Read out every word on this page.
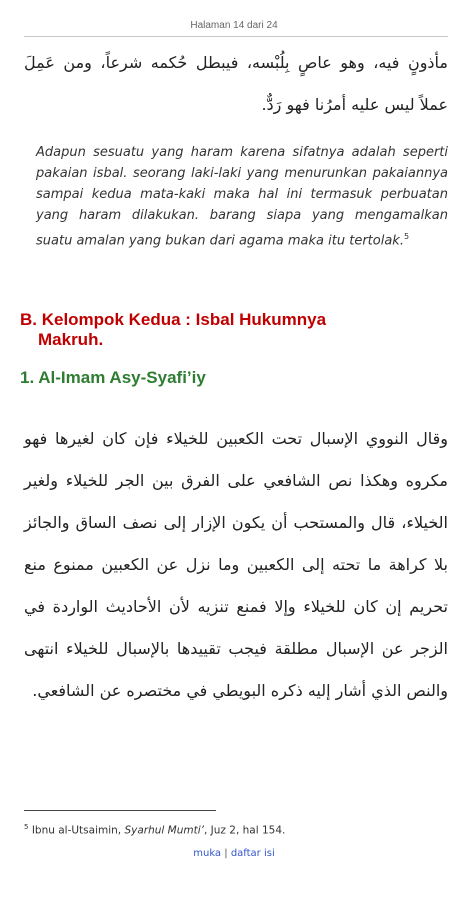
Halaman 14 dari 24
مأذونٍ فيه، وهو عاصٍ بِلُبْسه، فيبطل حُكمه شرعاً، ومن عَمِلَ عملاً ليس عليه أمرُنا فهو رَدٌّ.
Adapun sesuatu yang haram karena sifatnya adalah seperti pakaian isbal. seorang laki-laki yang menurunkan pakaiannya sampai kedua mata-kaki maka hal ini termasuk perbuatan yang haram dilakukan. barang siapa yang mengamalkan suatu amalan yang bukan dari agama maka itu tertolak.$^5$
B. Kelompok Kedua : Isbal Hukumnya
Makruh.
1. Al-Imam Asy-Syafi’iy
وقال النووي الإسبال تحت الكعبين للخيلاء فإن كان لغيرها فهو مكروه وهكذا نص الشافعي على الفرق بين الجر للخيلاء ولغير الخيلاء، قال والمستحب أن يكون الإزار إلى نصف الساق والجائز بلا كراهة ما تحته إلى الكعبين وما نزل عن الكعبين ممنوع منع تحريم إن كان للخيلاء وإلا فمنع تنزيه لأن الأحاديث الواردة في الزجر عن الإسبال مطلقة فيجب تقييدها بالإسبال للخيلاء انتهى والنص الذي أشار إليه ذكره البويطي في مختصره عن الشافعي.
$^5$ Ibnu al-Utsaimin, Syarhul Mumti’, Juz 2, hal 154.
muka | daftar isi
